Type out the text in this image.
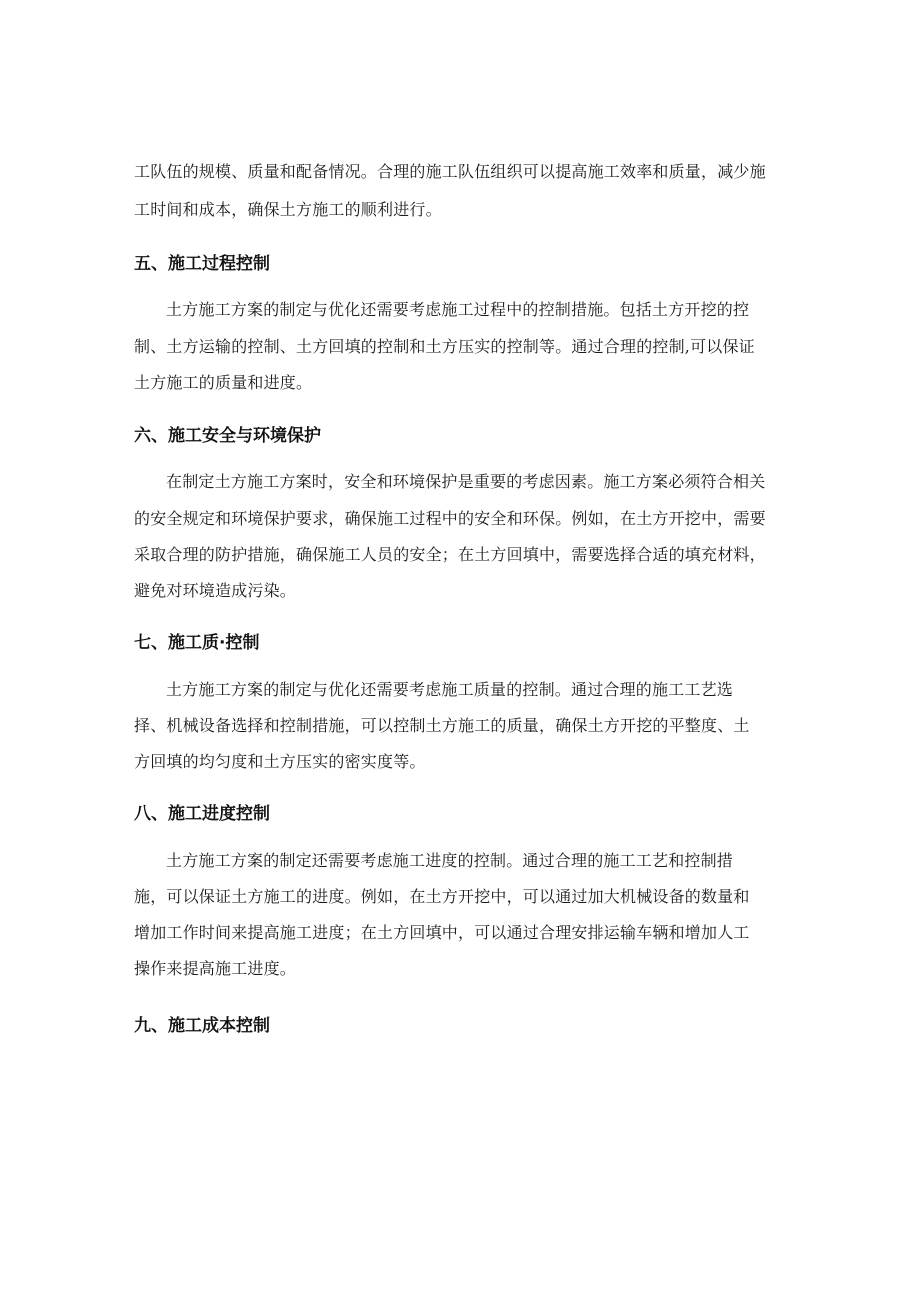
工队伍的规模、质量和配备情况。合理的施工队伍组织可以提高施工效率和质量，减少施
工时间和成本，确保土方施工的顺利进行。
五、施工过程控制
土方施工方案的制定与优化还需要考虑施工过程中的控制措施。包括土方开挖的控
制、土方运输的控制、土方回填的控制和土方压实的控制等。通过合理的控制,可以保证
土方施工的质量和进度。
六、施工安全与环境保护
在制定土方施工方案时，安全和环境保护是重要的考虑因素。施工方案必须符合相关
的安全规定和环境保护要求，确保施工过程中的安全和环保。例如，在土方开挖中，需要
采取合理的防护措施，确保施工人员的安全；在土方回填中，需要选择合适的填充材料，
避免对环境造成污染。
七、施工质·控制
土方施工方案的制定与优化还需要考虑施工质量的控制。通过合理的施工工艺选
择、机械设备选择和控制措施，可以控制土方施工的质量，确保土方开挖的平整度、土
方回填的均匀度和土方压实的密实度等。
八、施工进度控制
土方施工方案的制定还需要考虑施工进度的控制。通过合理的施工工艺和控制措
施，可以保证土方施工的进度。例如，在土方开挖中，可以通过加大机械设备的数量和
增加工作时间来提高施工进度；在土方回填中，可以通过合理安排运输车辆和增加人工
操作来提高施工进度。
九、施工成本控制
